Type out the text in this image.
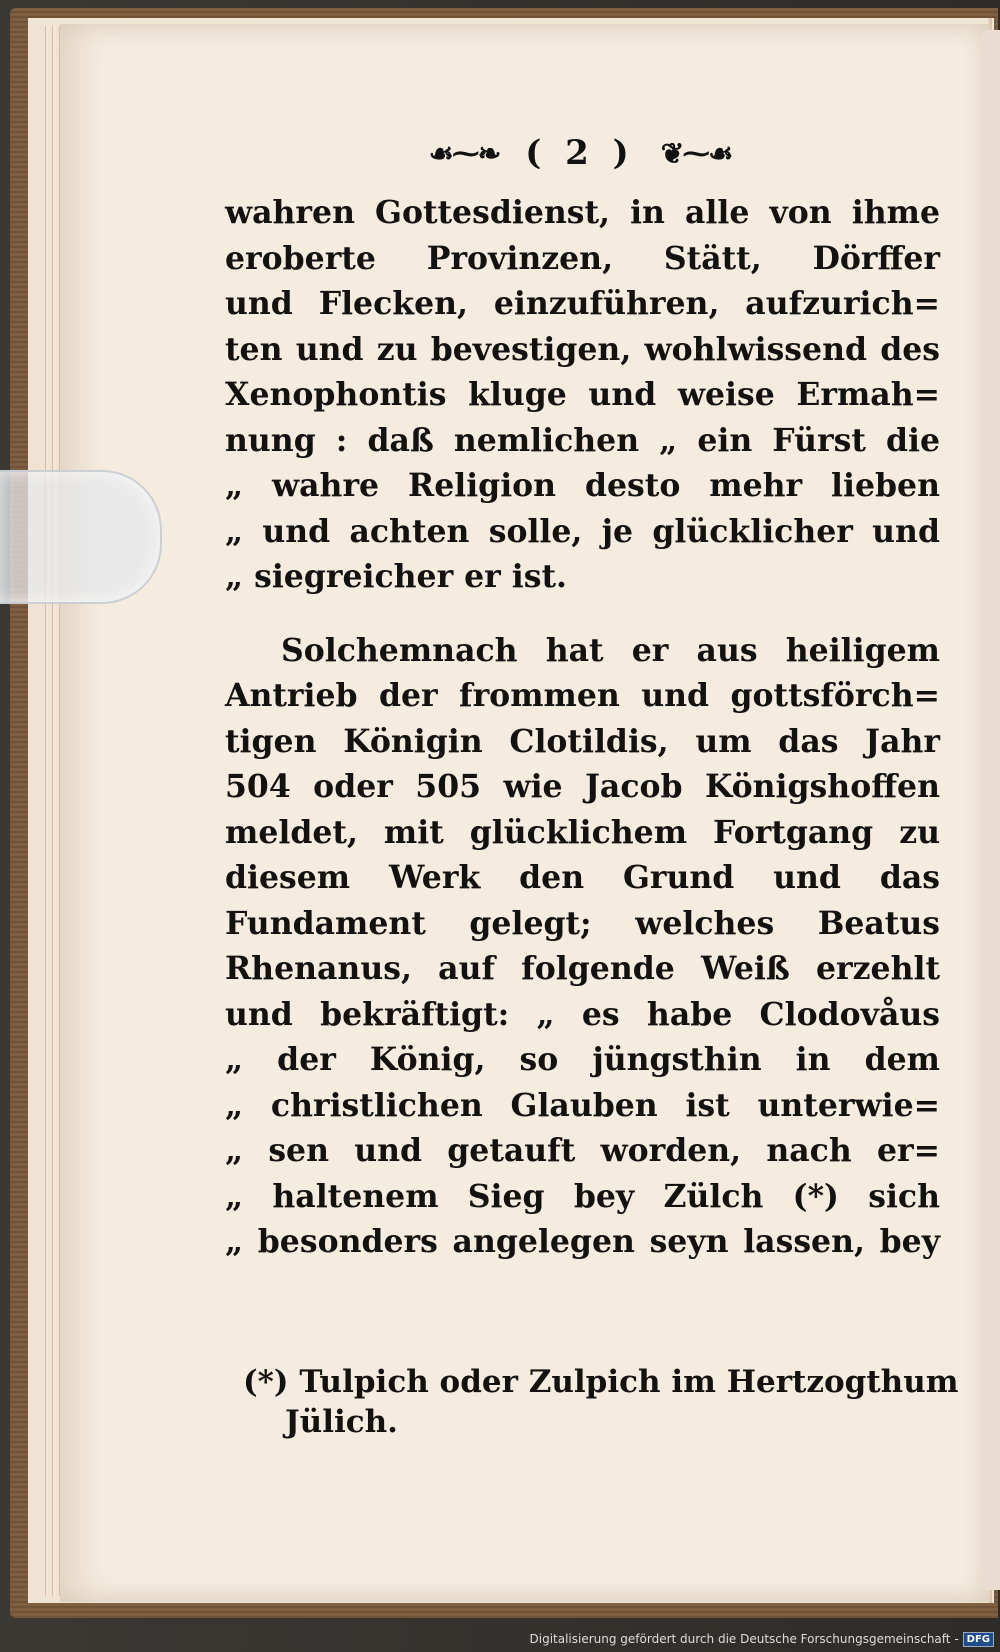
☙⁓❧ ( 2 ) ❦⁓☙
wahren Gottesdienst, in alle von ihme
eroberte Provinzen, Stätt, Dörffer
und Flecken, einzuführen, aufzurich=
ten und zu bevestigen, wohlwissend des
Xenophontis kluge und weise Ermah=
nung : daß nemlichen „ ein Fürst die
„ wahre Religion desto mehr lieben
„ und achten solle, je glücklicher und
„ siegreicher er ist.
Solchemnach hat er aus heiligem
Antrieb der frommen und gottsförch=
tigen Königin Clotildis, um das Jahr
504 oder 505 wie Jacob Königshoffen
meldet, mit glücklichem Fortgang zu
diesem Werk den Grund und das
Fundament gelegt; welches Beatus
Rhenanus, auf folgende Weiß erzehlt
und bekräftigt: „ es habe Clodovåus
„ der König, so jüngsthin in dem
„ christlichen Glauben ist unterwie=
„ sen und getauft worden, nach er=
„ haltenem Sieg bey Zülch (*) sich
„ besonders angelegen seyn lassen, bey
(*) Tulpich oder Zulpich im Hertzogthum
Jülich.
Digitalisierung gefördert durch die Deutsche Forschungsgemeinschaft - DFG
